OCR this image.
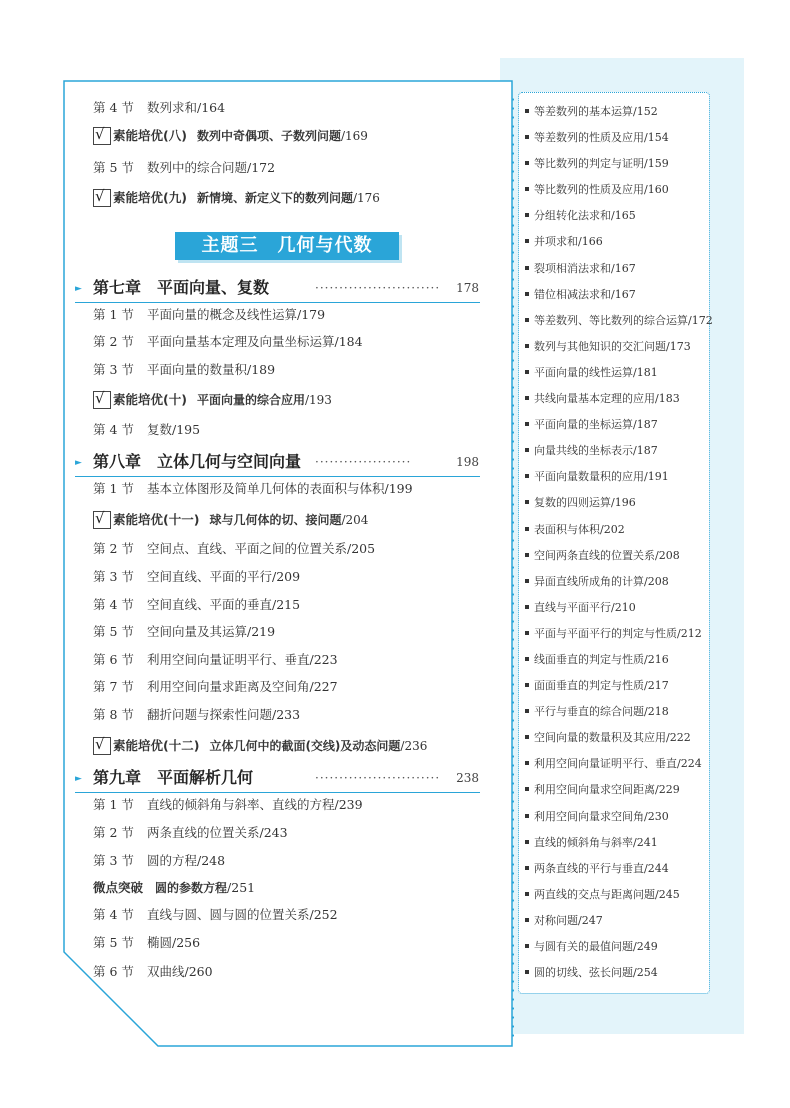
第 4 节 数列求和/164
√ 素能培优(八) 数列中奇偶项、子数列问题/169
第 5 节 数列中的综合问题/172
√ 素能培优(九) 新情境、新定义下的数列问题/176
主题三　几何与代数
► 第七章　平面向量、复数	··························	178
第 1 节 平面向量的概念及线性运算/179
第 2 节 平面向量基本定理及向量坐标运算/184
第 3 节 平面向量的数量积/189
√ 素能培优(十) 平面向量的综合应用/193
第 4 节 复数/195
► 第八章　立体几何与空间向量 ····················	198
第 1 节 基本立体图形及简单几何体的表面积与体积/199
√ 素能培优(十一) 球与几何体的切、接问题/204
第 2 节 空间点、直线、平面之间的位置关系/205
第 3 节 空间直线、平面的平行/209
第 4 节 空间直线、平面的垂直/215
第 5 节 空间向量及其运算/219
第 6 节 利用空间向量证明平行、垂直/223
第 7 节 利用空间向量求距离及空间角/227
第 8 节 翻折问题与探索性问题/233
√ 素能培优(十二) 立体几何中的截面(交线)及动态问题/236
► 第九章　平面解析几何	··························	238
第 1 节 直线的倾斜角与斜率、直线的方程/239
第 2 节 两条直线的位置关系/243
第 3 节 圆的方程/248
微点突破 圆的参数方程/251
第 4 节 直线与圆、圆与圆的位置关系/252
第 5 节 椭圆/256
第 6 节 双曲线/260
等差数列的基本运算/152
等差数列的性质及应用/154
等比数列的判定与证明/159
等比数列的性质及应用/160
分组转化法求和/165
并项求和/166
裂项相消法求和/167
错位相减法求和/167
等差数列、等比数列的综合运算/172
数列与其他知识的交汇问题/173
平面向量的线性运算/181
共线向量基本定理的应用/183
平面向量的坐标运算/187
向量共线的坐标表示/187
平面向量数量积的应用/191
复数的四则运算/196
表面积与体积/202
空间两条直线的位置关系/208
异面直线所成角的计算/208
直线与平面平行/210
平面与平面平行的判定与性质/212
线面垂直的判定与性质/216
面面垂直的判定与性质/217
平行与垂直的综合问题/218
空间向量的数量积及其应用/222
利用空间向量证明平行、垂直/224
利用空间向量求空间距离/229
利用空间向量求空间角/230
直线的倾斜角与斜率/241
两条直线的平行与垂直/244
两直线的交点与距离问题/245
对称问题/247
与圆有关的最值问题/249
圆的切线、弦长问题/254
